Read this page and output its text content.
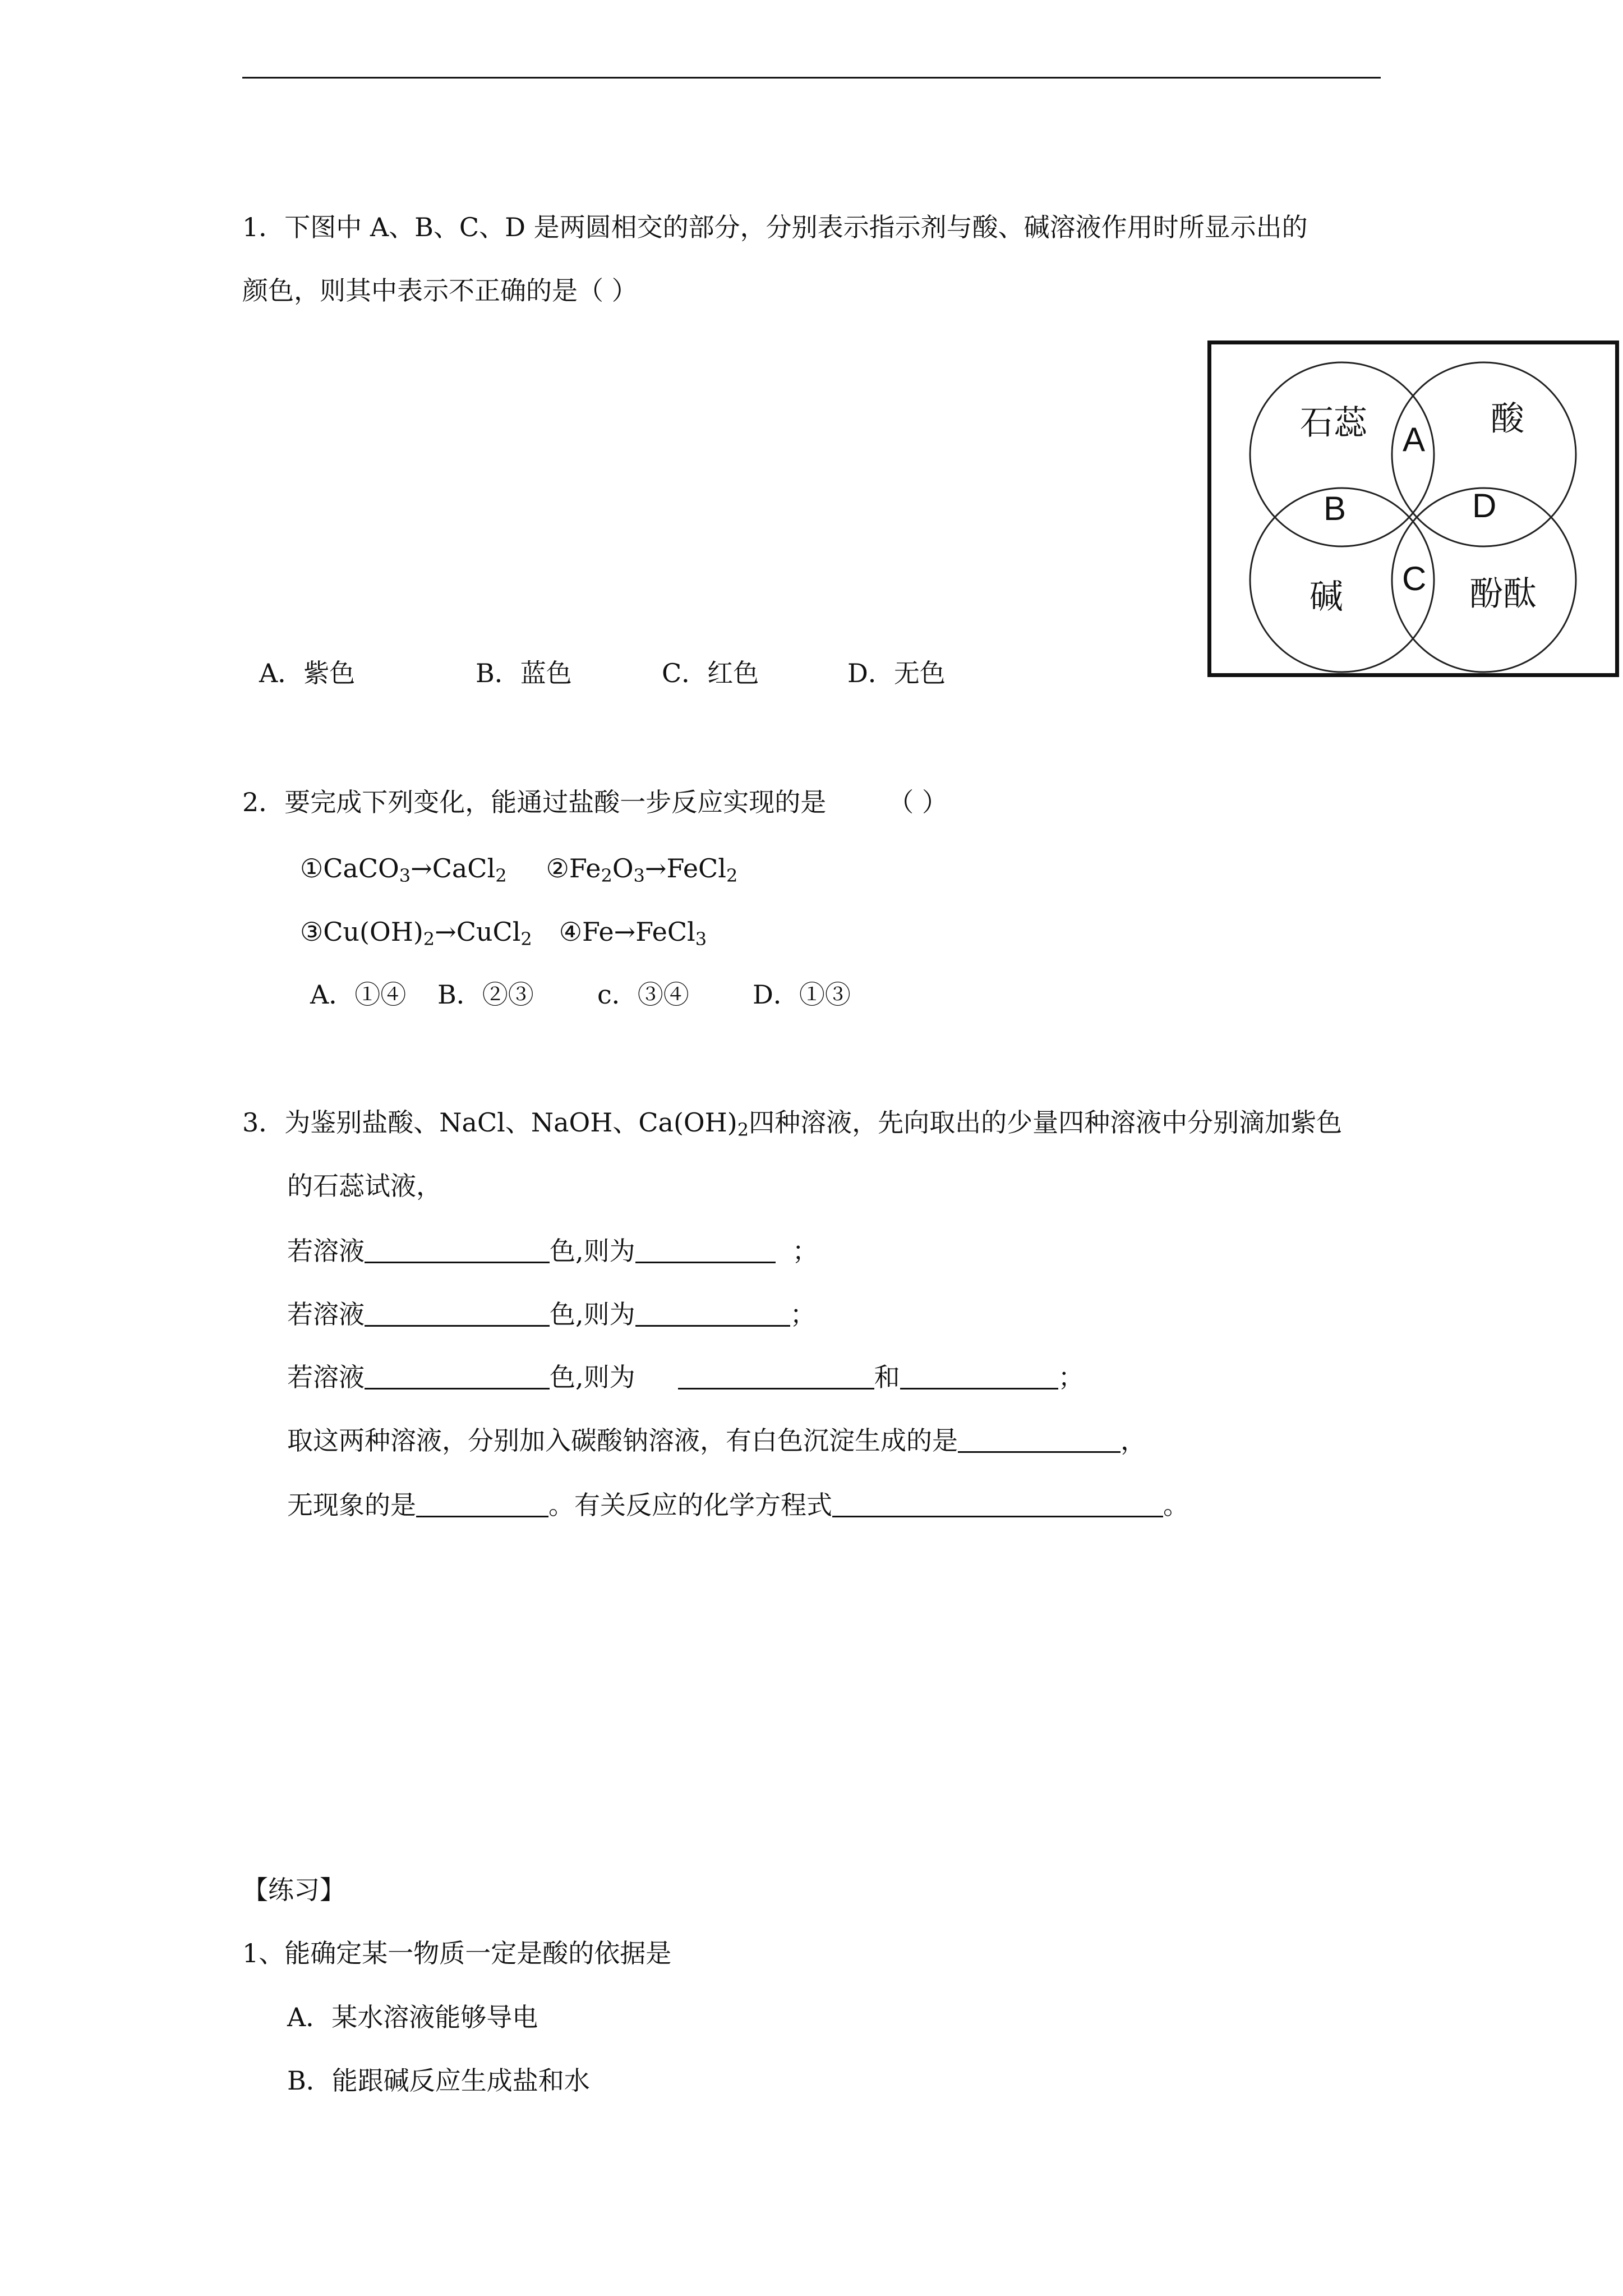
1．下图中 A、B、C、D 是两圆相交的部分，分别表示指示剂与酸、碱溶液作用时所显示出的
颜色，则其中表示不正确的是（ ）
A．紫色	B．蓝色	C．红色	D．无色
石蕊	酸
碱	酚酞
A
B
C
D
2．要完成下列变化，能通过盐酸一步反应实现的是 （ ）
①CaCO$_3$→CaCl$_2$ $②Fe_2O_3\to FeCl_2$
$③Cu(OH)_2\to CuCl_2$ ④Fe→FeCl$_3$
A．①④ B．②③ c．③④ D．①③
3．为鉴别盐酸、NaCl、NaOH、$Ca(OH)_2$四种溶液，先向取出的少量四种溶液中分别滴加紫色
的石蕊试液，
若溶液	色,则为	；
若溶液	色,则为	；
若溶液	色,则为	和	；
取这两种溶液，分别加入碳酸钠溶液，有白色沉淀生成的是	，
无现象的是	。有关反应的化学方程式	。
【练习】
1、能确定某一物质一定是酸的依据是
A．某水溶液能够导电
B．能跟碱反应生成盐和水
